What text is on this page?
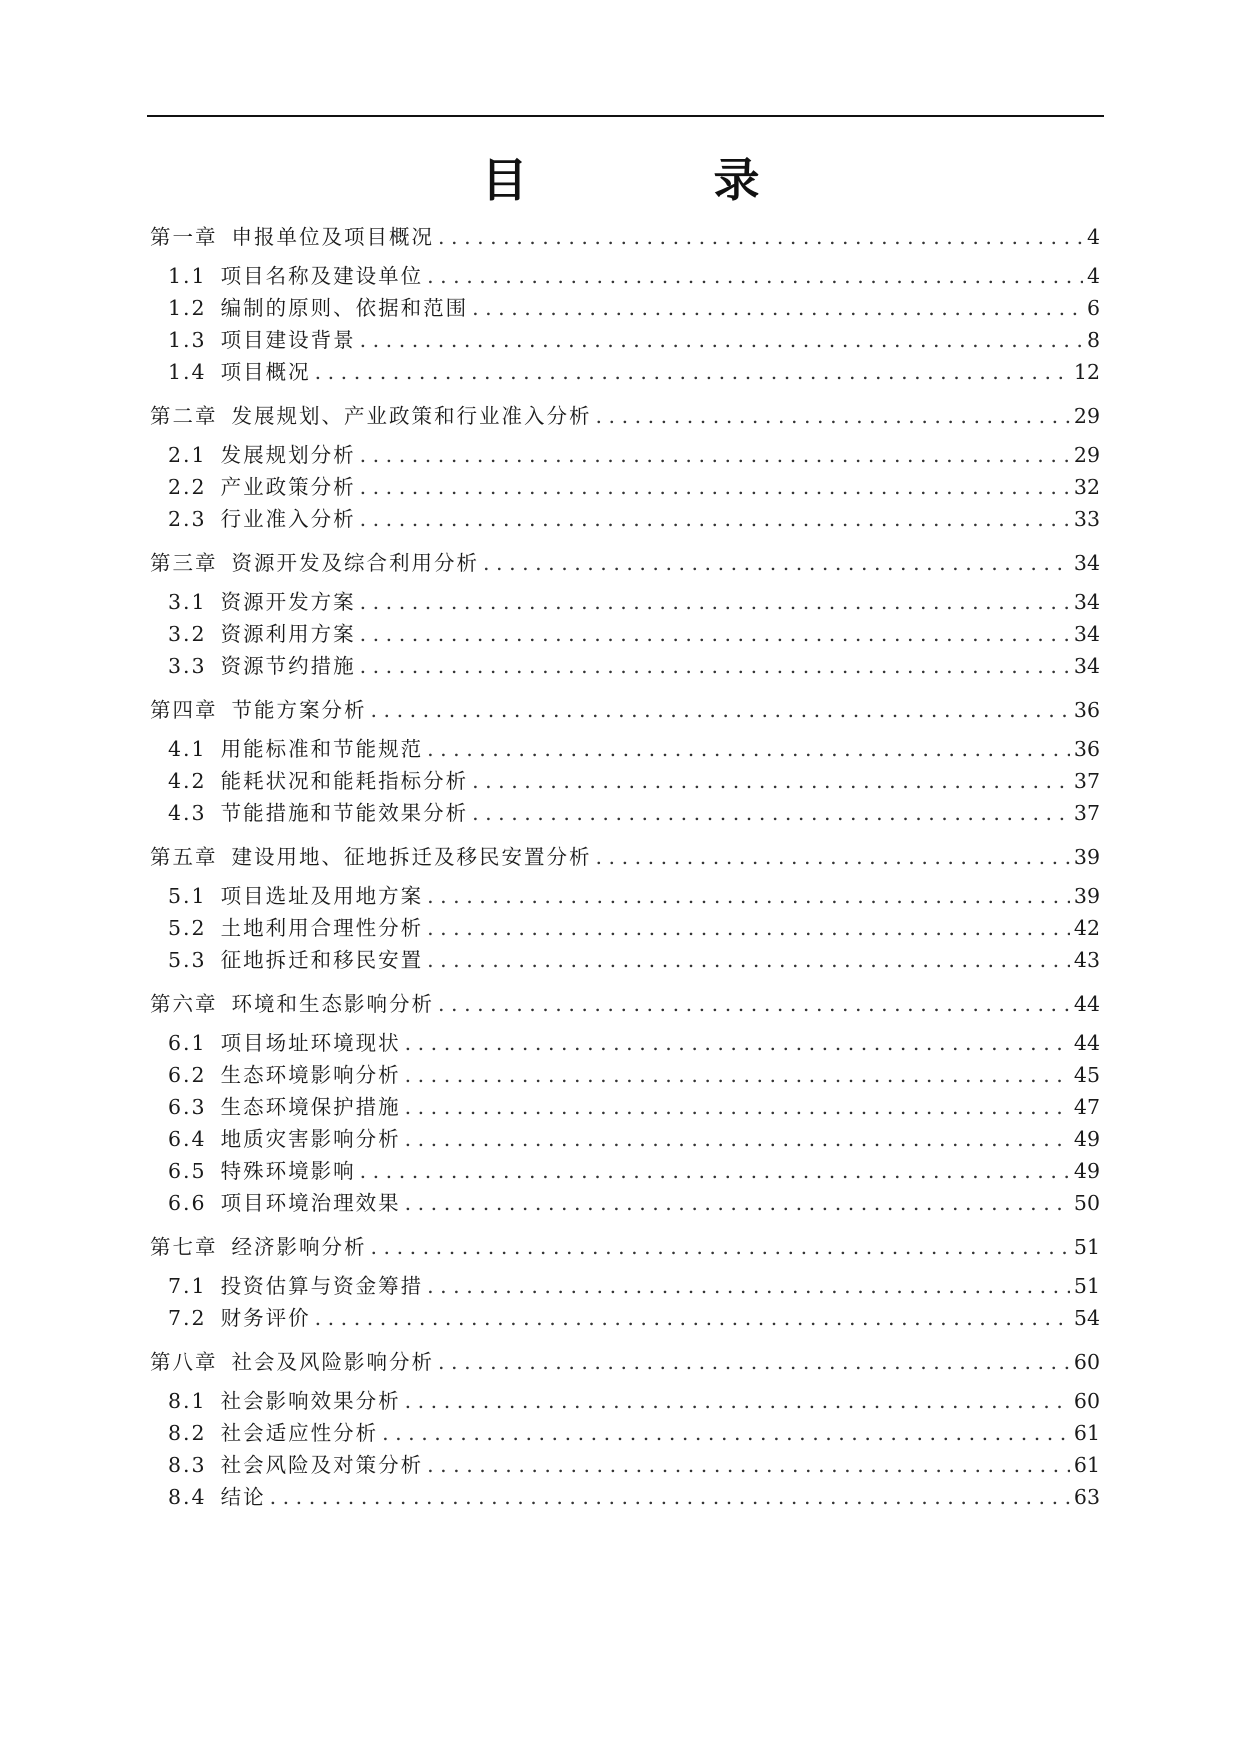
目　录
第一章 申报单位及项目概况 . . .	4
1.1 项目名称及建设单位 . . .	4
1.2 编制的原则、依据和范围 . . .	6
1.3 项目建设背景 . . .	8
1.4 项目概况 . . .	12
第二章 发展规划、产业政策和行业准入分析 . . .	29
2.1 发展规划分析 . . .	29
2.2 产业政策分析 . . .	32
2.3 行业准入分析 . . .	33
第三章 资源开发及综合利用分析 . . .	34
3.1 资源开发方案 . . .	34
3.2 资源利用方案 . . .	34
3.3 资源节约措施 . . .	34
第四章 节能方案分析 . . .	36
4.1 用能标准和节能规范 . . .	36
4.2 能耗状况和能耗指标分析 . . .	37
4.3 节能措施和节能效果分析 . . .	37
第五章 建设用地、征地拆迁及移民安置分析 . . .	39
5.1 项目选址及用地方案 . . .	39
5.2 土地利用合理性分析 . . .	42
5.3 征地拆迁和移民安置 . . .	43
第六章 环境和生态影响分析 . . .	44
6.1 项目场址环境现状 . . .	44
6.2 生态环境影响分析 . . .	45
6.3 生态环境保护措施 . . .	47
6.4 地质灾害影响分析 . . .	49
6.5 特殊环境影响 . . .	49
6.6 项目环境治理效果 . . .	50
第七章 经济影响分析 . . .	51
7.1 投资估算与资金筹措 . . .	51
7.2 财务评价 . . .	54
第八章 社会及风险影响分析 . . .	60
8.1 社会影响效果分析 . . .	60
8.2 社会适应性分析 . . .	61
8.3 社会风险及对策分析 . . .	61
8.4 结论 . . .	63
